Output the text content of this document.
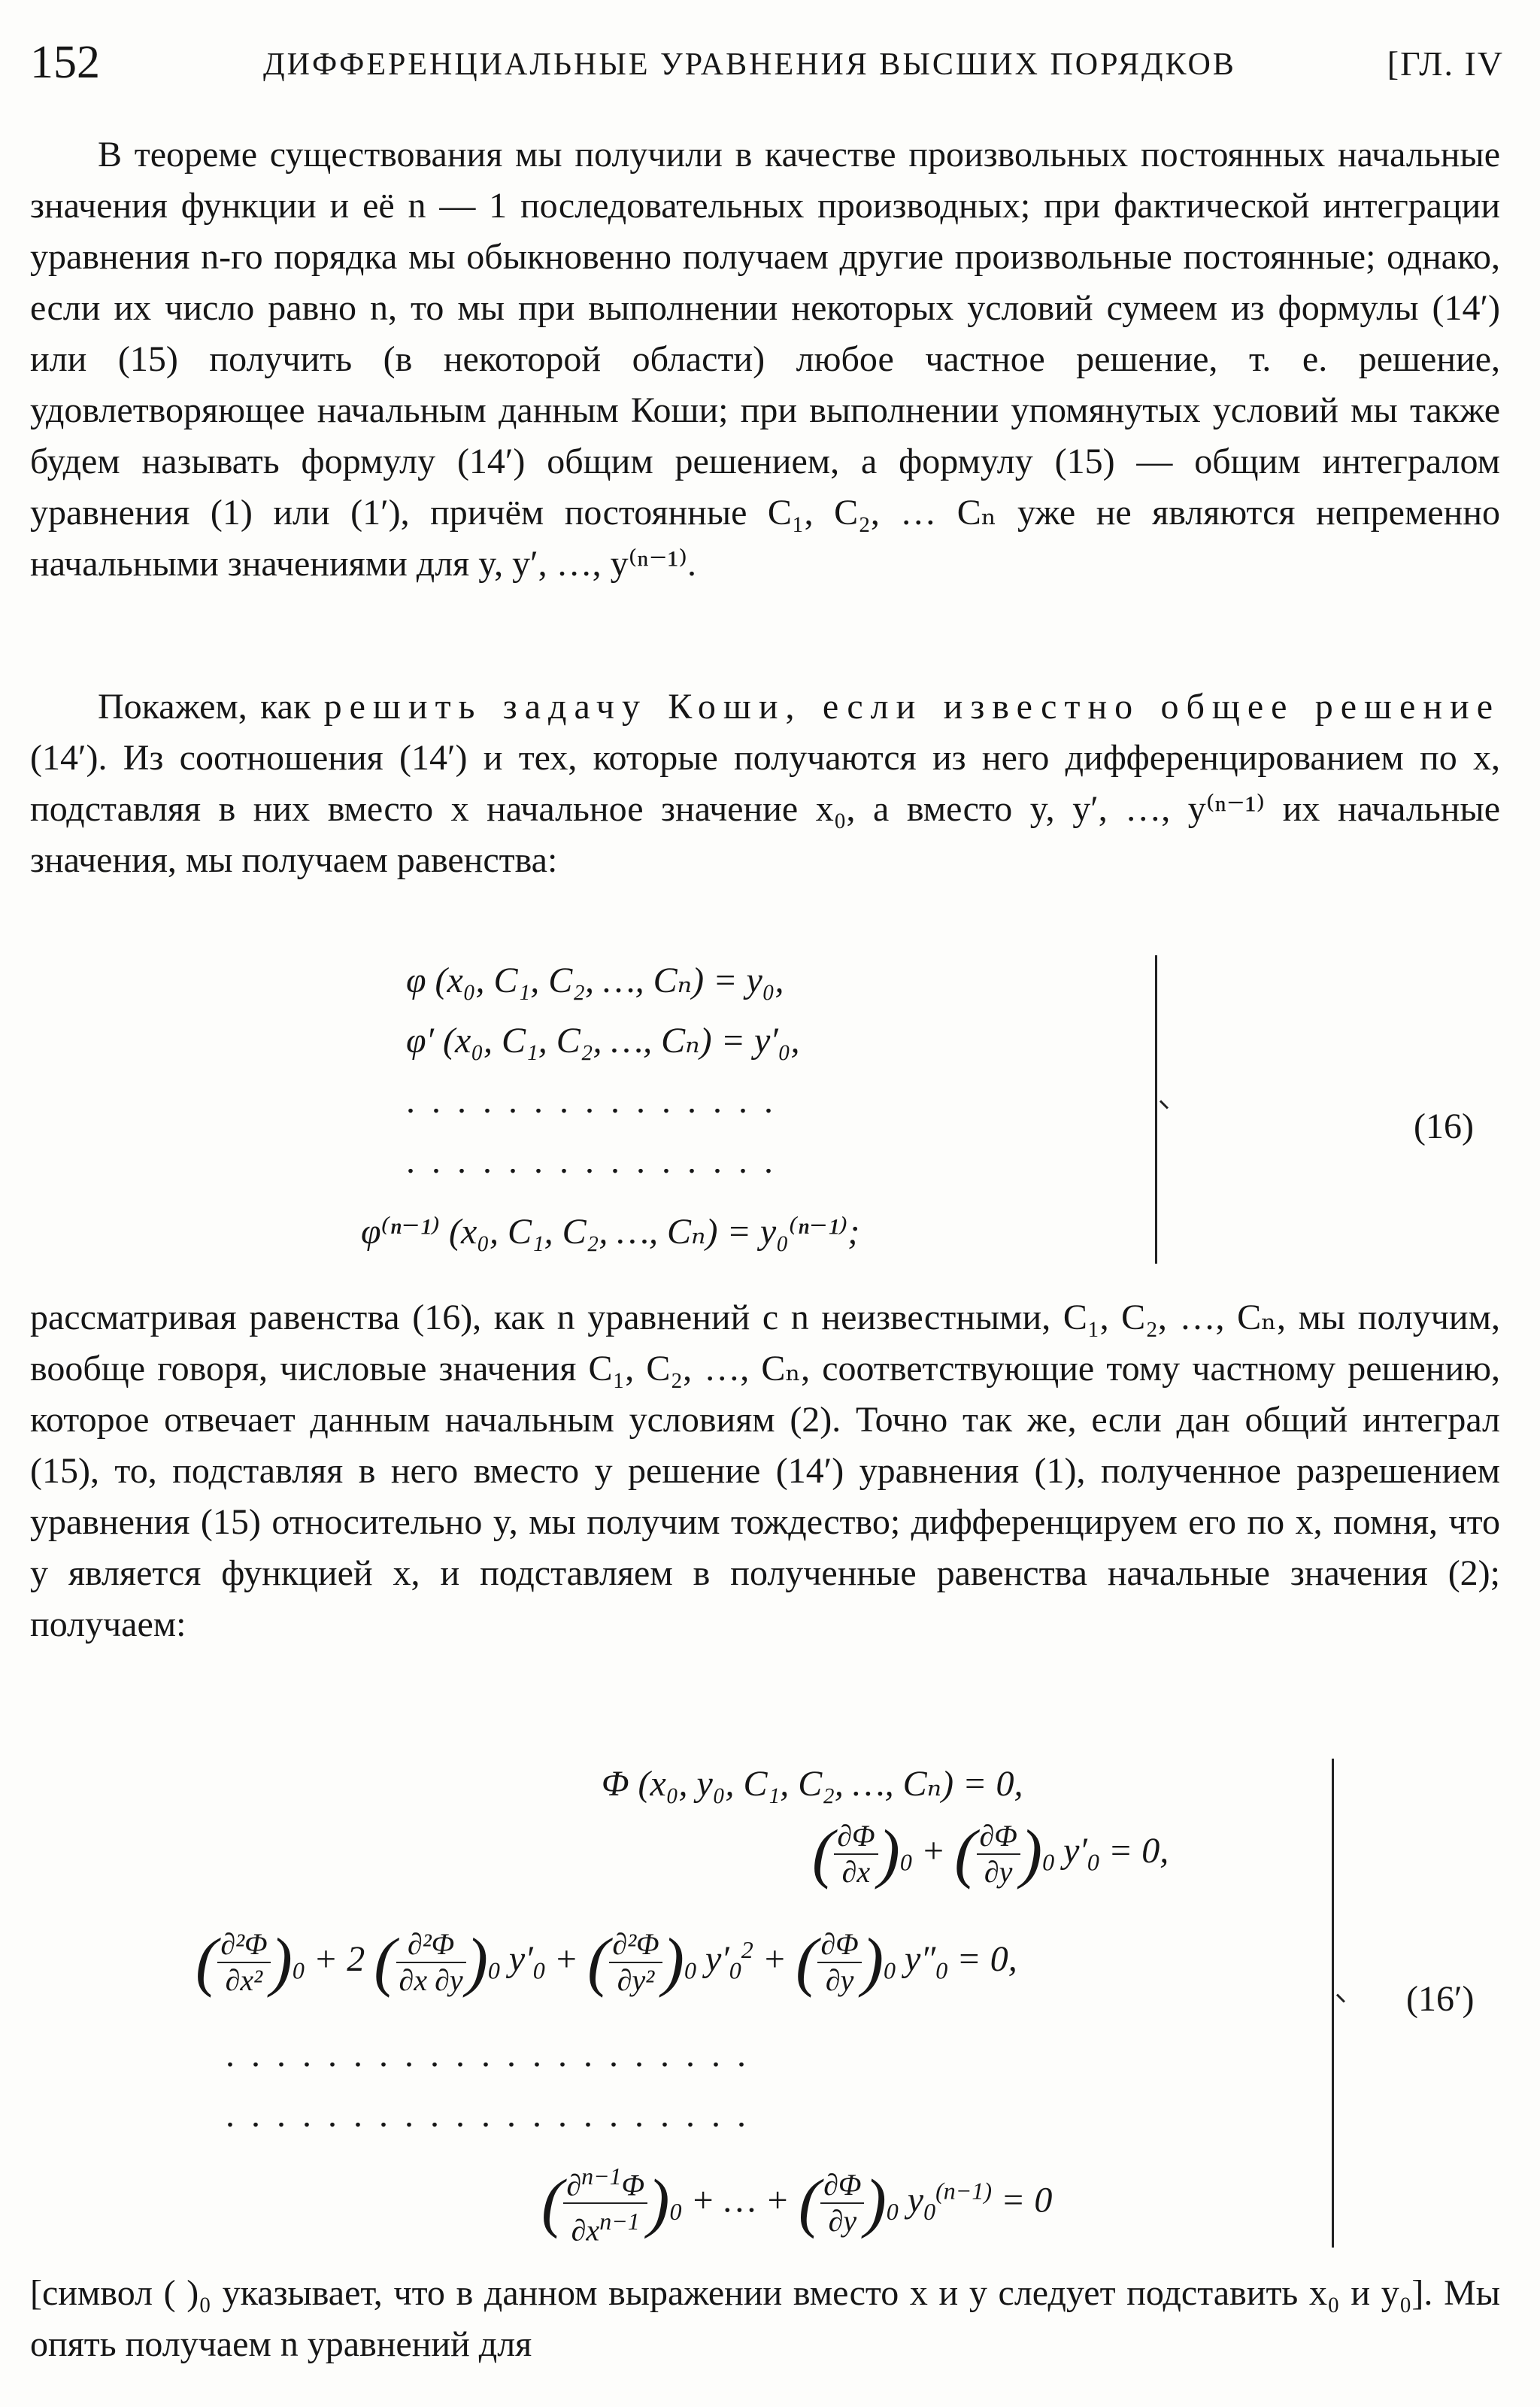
152	ДИФФЕРЕНЦИАЛЬНЫЕ УРАВНЕНИЯ ВЫСШИХ ПОРЯДКОВ	[ГЛ. IV
В теореме существования мы получили в качестве произвольных постоянных начальные значения функции и её n — 1 последовательных производных; при фактической интеграции уравнения n-го порядка мы обыкновенно получаем другие произвольные постоянные; однако, если их число равно n, то мы при выполнении некоторых условий сумеем из формулы (14′) или (15) получить (в некоторой области) любое частное решение, т. е. решение, удовлетворяющее начальным данным Коши; при выполнении упомянутых условий мы также будем называть формулу (14′) общим решением, а формулу (15) — общим интегралом уравнения (1) или (1′), причём постоянные C₁, C₂, … Cₙ уже не являются непременно начальными значениями для y, y′, …, y⁽ⁿ⁻¹⁾.
Покажем, как решить задачу Коши, если известно общее решение (14′). Из соотношения (14′) и тех, которые получаются из него дифференцированием по x, подставляя в них вместо x начальное значение x₀, а вместо y, y′, …, y⁽ⁿ⁻¹⁾ их начальные значения, мы получаем равенства:
φ (x₀, C₁, C₂, …, Cₙ) = y₀,
φ′ (x₀, C₁, C₂, …, Cₙ) = y′₀,
...............
...............
φ⁽ⁿ⁻¹⁾ (x₀, C₁, C₂, …, Cₙ) = y₀⁽ⁿ⁻¹⁾;
(16)
рассматривая равенства (16), как n уравнений с n неизвестными, C₁, C₂, …, Cₙ, мы получим, вообще говоря, числовые значения C₁, C₂, …, Cₙ, соответствующие тому частному решению, которое отвечает данным начальным условиям (2). Точно так же, если дан общий интеграл (15), то, подставляя в него вместо y решение (14′) уравнения (1), полученное разрешением уравнения (15) относительно y, мы получим тождество; дифференцируем его по x, помня, что y является функцией x, и подставляем в полученные равенства начальные значения (2); получаем:
Φ (x₀, y₀, C₁, C₂, …, Cₙ) = 0,
( $\frac{\partial\Phi}{\partial x} )_0$ + ( $\frac{\partial\Phi}{\partial y} )_0$ $y'_0 = 0$,
( $\frac{\text{∂²Φ}}{\text{∂x²}} )_0 + 2$ ( $\frac{\text{∂²Φ}}{\partial x \partial y} )_0$ $y'_0$ + ( $\frac{\text{∂²Φ}}{\text{∂y²}} )_0$ $y'_0^2$ + ( $\frac{\partial\Phi}{\partial y} )_0$ $y''_0 = 0$,
.....................
.....................
( $\frac{\partial^{n-1}\Phi}{\partial x^{n-1}} )_0$ + … + ( $\frac{\partial\Phi}{\partial y} )_0$ $y_0^{(n-1)} = 0$
(16′)
[символ ( )₀ указывает, что в данном выражении вместо x и y следует подставить x₀ и y₀]. Мы опять получаем n уравнений для
